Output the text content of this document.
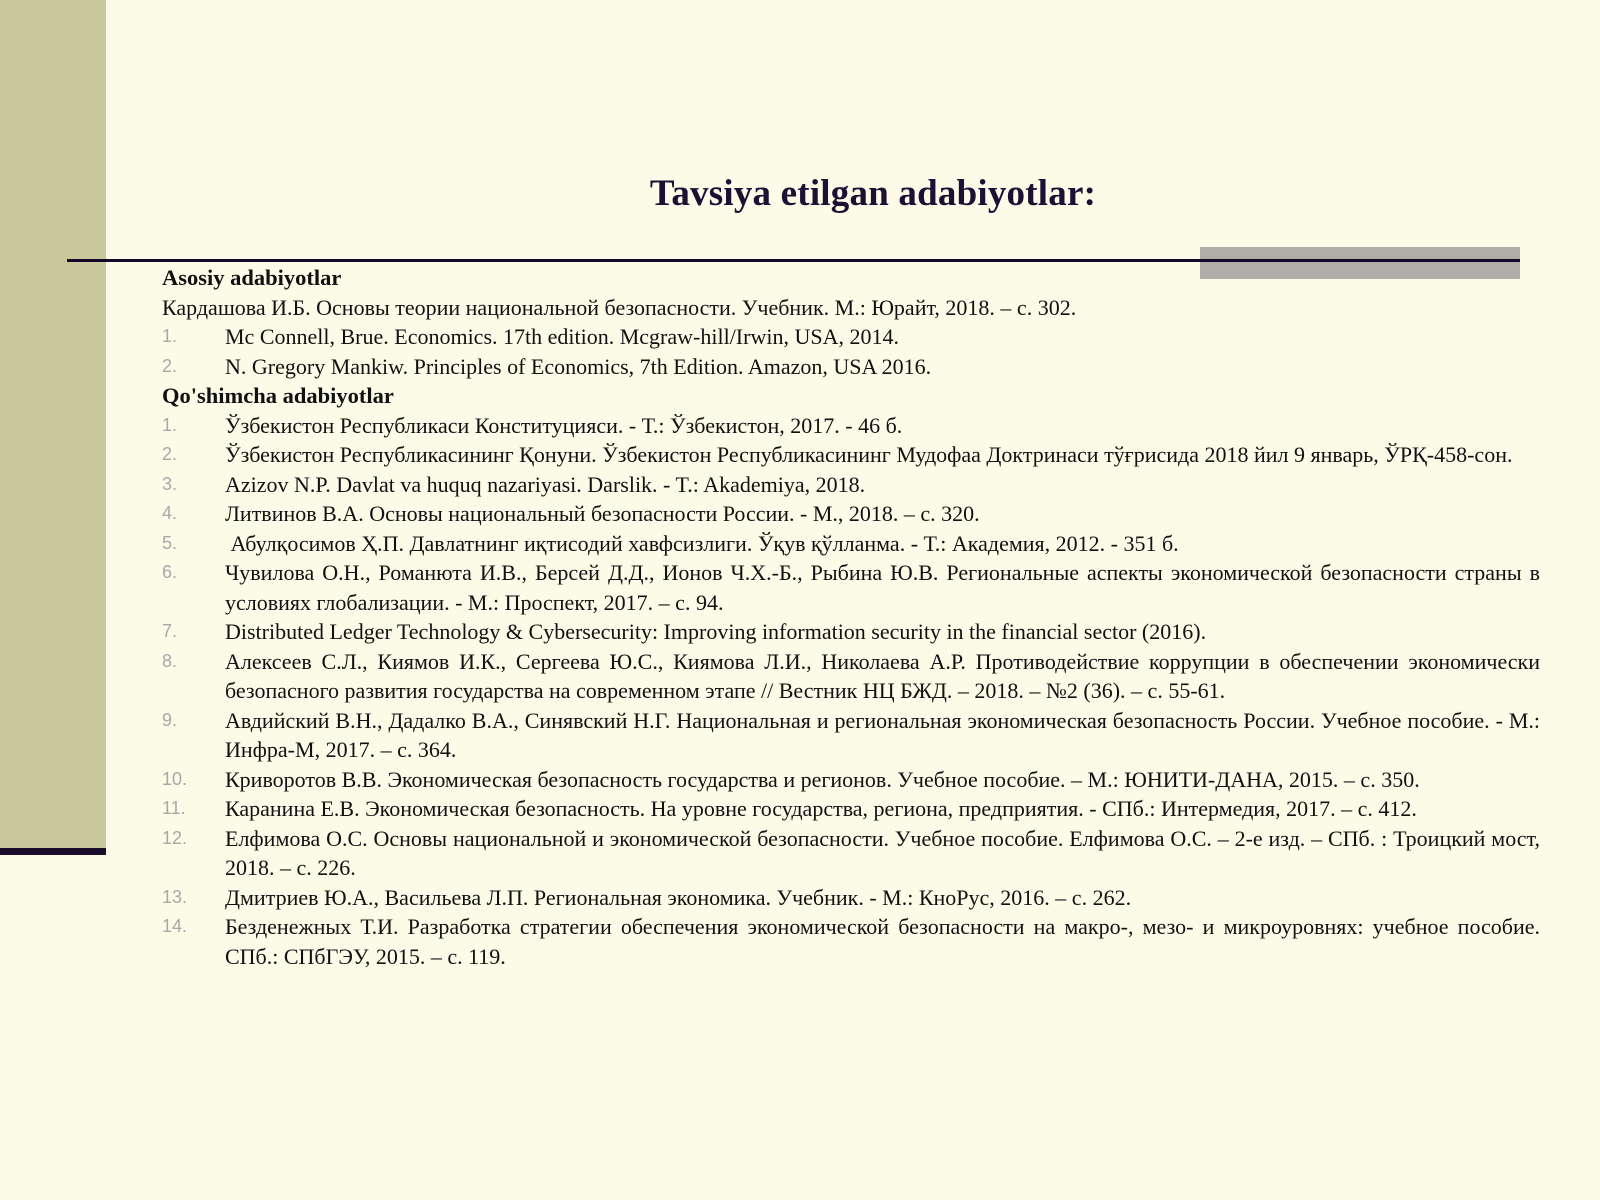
Tavsiya etilgan adabiyotlar:
Asosiy adabiyotlar
Кардашова И.Б. Основы теории национальной безопасности. Учебник. М.: Юрайт, 2018. – с. 302.
1.	Mc Connell, Brue. Economics. 17th edition. Mcgraw-hill/Irwin, USA, 2014.
2.	N. Gregory Mankiw. Principles of Economics, 7th Edition. Amazon, USA 2016.
Qo'shimcha adabiyotlar
1.	Ўзбекистон Республикаси Конституцияси. - Т.: Ўзбекистон, 2017. - 46 б.
2.	Ўзбекистон Республикасининг Қонуни. Ўзбекистон Республикасининг Мудофаа Доктринаси тўғрисида 2018 йил 9 январь, ЎРҚ-458-сон.
3.	Azizov N.P. Davlat va huquq nazariyasi. Darslik. - T.: Akademiya, 2018.
4.	Литвинов В.А. Основы национальный безопасности России. - М., 2018. – с. 320.
5.	Абулқосимов Ҳ.П. Давлатнинг иқтисодий хавфсизлиги. Ўқув қўлланма. - Т.: Академия, 2012. - 351 б.
6.	Чувилова О.Н., Романюта И.В., Берсей Д.Д., Ионов Ч.Х.-Б., Рыбина Ю.В. Региональные аспекты экономической безопасности страны в условиях глобализации. - М.: Проспект, 2017. – с. 94.
7.	Distributed Ledger Technology & Cybersecurity: Improving information security in the financial sector (2016).
8.	Алексеев С.Л., Киямов И.К., Сергеева Ю.С., Киямова Л.И., Николаева А.Р. Противодействие коррупции в обеспечении экономически безопасного развития государства на современном этапе // Вестник НЦ БЖД. – 2018. – №2 (36). – с. 55-61.
9.	Авдийский В.Н., Дадалко В.А., Синявский Н.Г. Национальная и региональная экономическая безопасность России. Учебное пособие. - М.: Инфра-М, 2017. – с. 364.
10.	Криворотов В.В. Экономическая безопасность государства и регионов. Учебное пособие. – М.: ЮНИТИ-ДАНА, 2015. – с. 350.
11.	Каранина Е.В. Экономическая безопасность. На уровне государства, региона, предприятия. - СПб.: Интермедия, 2017. – с. 412.
12.	Елфимова О.С. Основы национальной и экономической безопасности. Учебное пособие. Елфимова О.С. – 2-е изд. – СПб. : Троицкий мост, 2018. – с. 226.
13.	Дмитриев Ю.А., Васильева Л.П. Региональная экономика. Учебник. - М.: КноРус, 2016. – с. 262.
14.	Безденежных Т.И. Разработка стратегии обеспечения экономической безопасности на макро-, мезо- и микроуровнях: учебное пособие. СПб.: СПбГЭУ, 2015. – с. 119.
